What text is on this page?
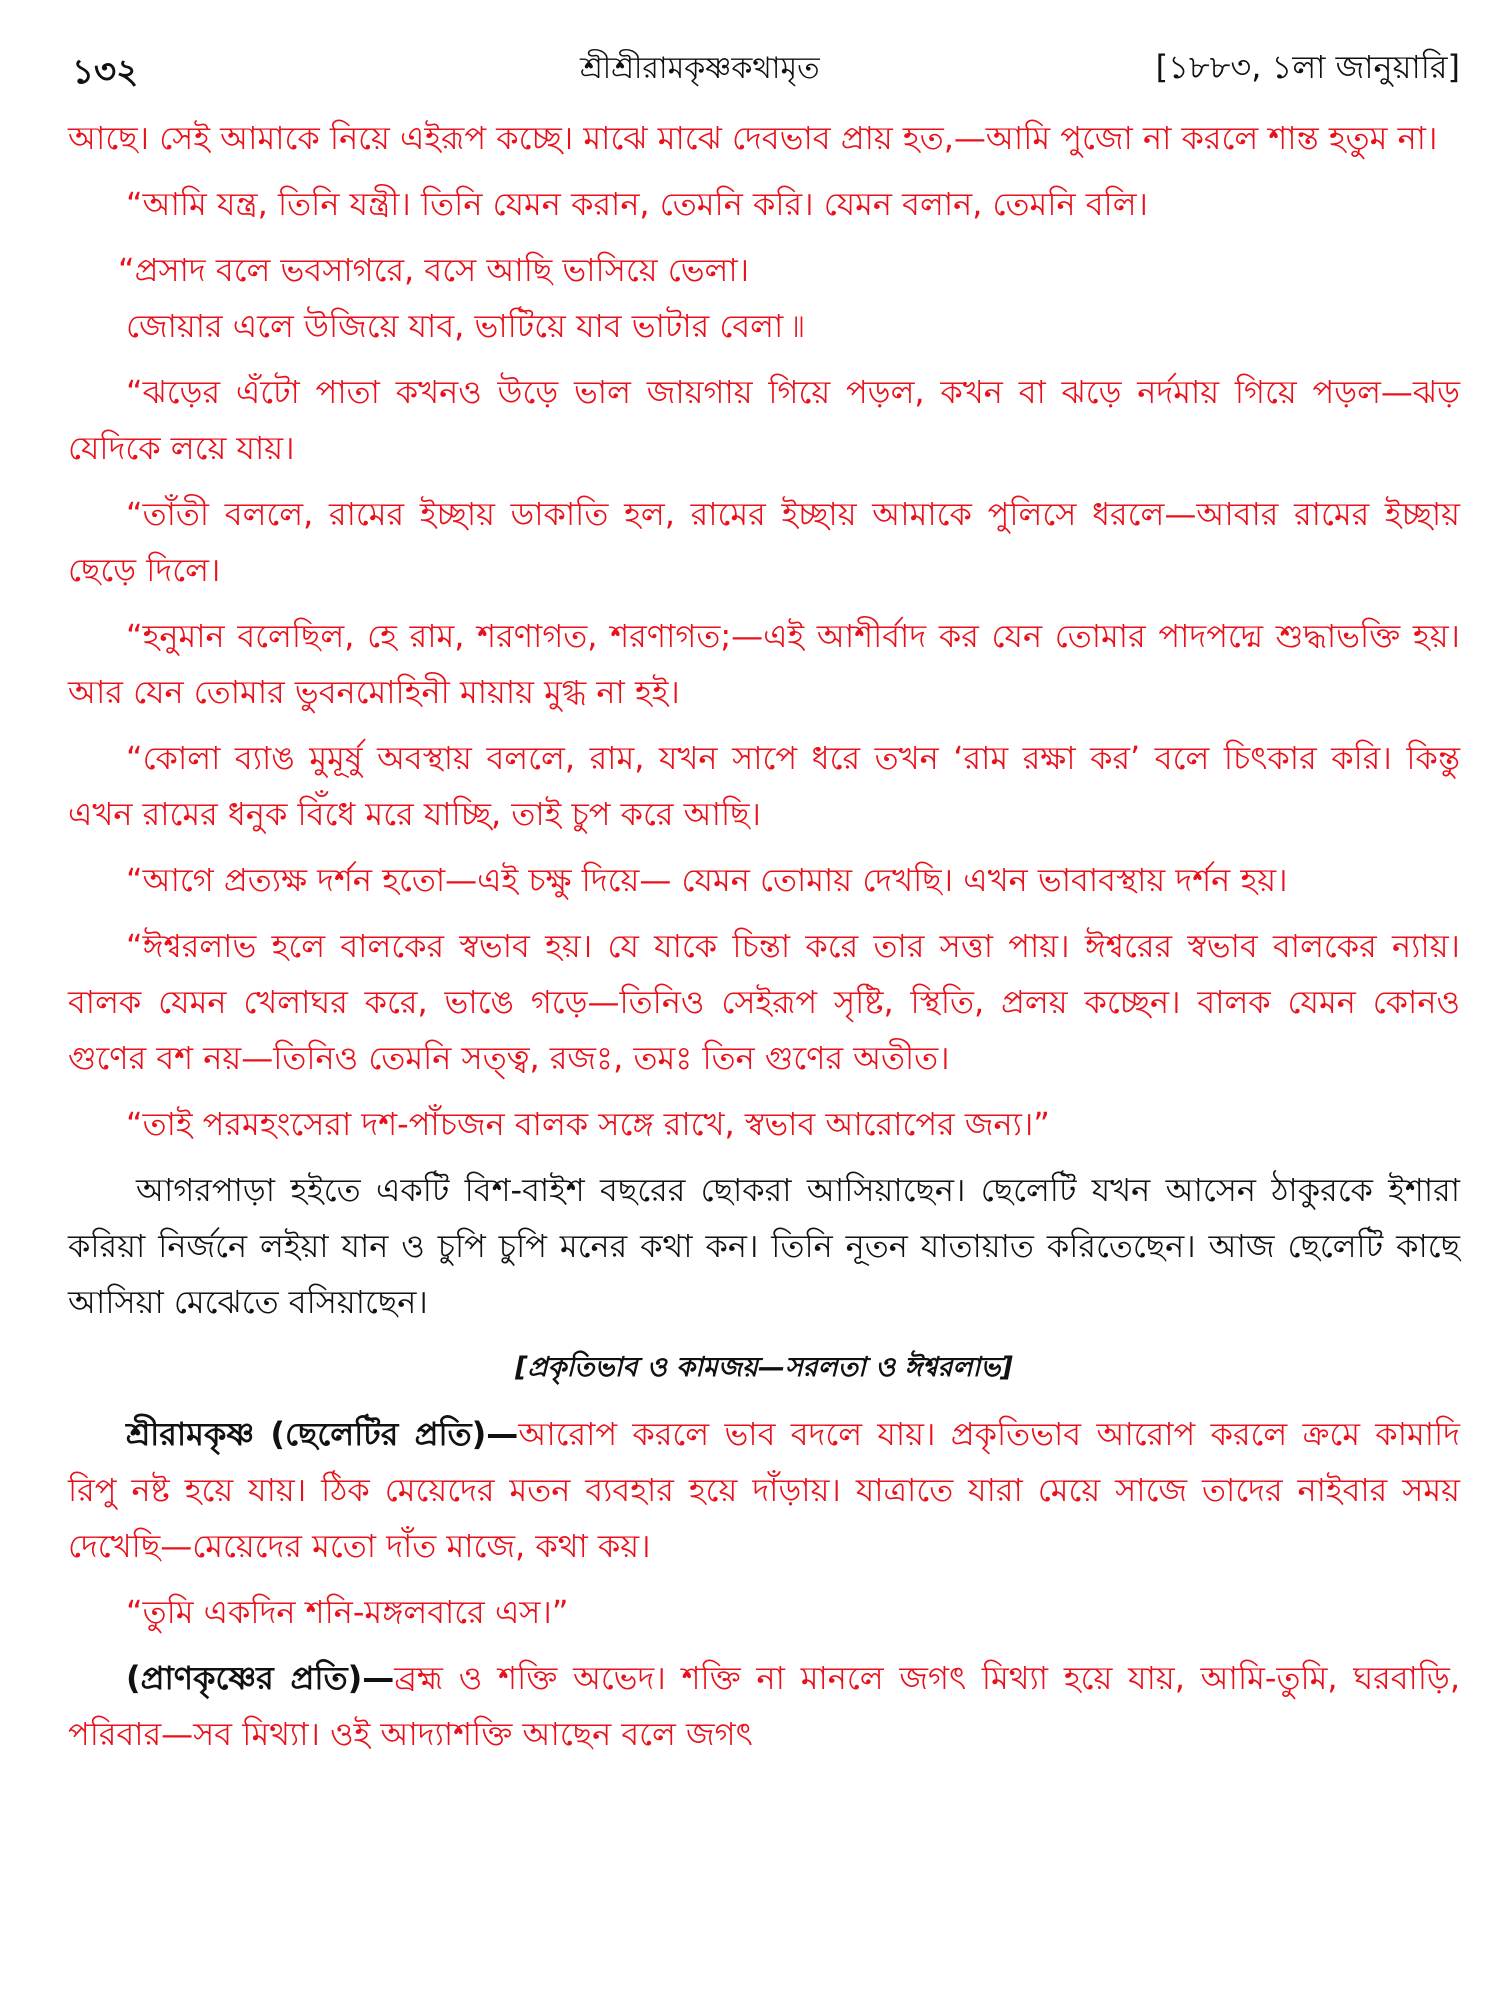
১৩২	শ্রীশ্রীরামকৃষ্ণকথামৃত	[১৮৮৩, ১লা জানুয়ারি]

আছে। সেই আমাকে নিয়ে এইরূপ কচ্ছে। মাঝে মাঝে দেবভাব প্রায় হত,—আমি পুজো না করলে শান্ত হতুম না।

“আমি যন্ত্র, তিনি যন্ত্রী। তিনি যেমন করান, তেমনি করি। যেমন বলান, তেমনি বলি।

“প্রসাদ বলে ভবসাগরে, বসে আছি ভাসিয়ে ভেলা।

জোয়ার এলে উজিয়ে যাব, ভাটিয়ে যাব ভাটার বেলা ৷৷

“ঝড়ের এঁটো পাতা কখনও উড়ে ভাল জায়গায় গিয়ে পড়ল, কখন বা ঝড়ে নর্দমায় গিয়ে পড়ল—ঝড় যেদিকে লয়ে যায়।

“তাঁতী বললে, রামের ইচ্ছায় ডাকাতি হল, রামের ইচ্ছায় আমাকে পুলিসে ধরলে—আবার রামের ইচ্ছায় ছেড়ে দিলে।

“হনুমান বলেছিল, হে রাম, শরণাগত, শরণাগত;—এই আশীর্বাদ কর যেন তোমার পাদপদ্মে শুদ্ধাভক্তি হয়। আর যেন তোমার ভুবনমোহিনী মায়ায় মুগ্ধ না হই।

“কোলা ব্যাঙ মুমূর্ষু অবস্থায় বললে, রাম, যখন সাপে ধরে তখন ‘রাম রক্ষা কর’ বলে চিৎকার করি। কিন্তু এখন রামের ধনুক বিঁধে মরে যাচ্ছি, তাই চুপ করে আছি।

“আগে প্রত্যক্ষ দর্শন হতো—এই চক্ষু দিয়ে— যেমন তোমায় দেখছি। এখন ভাবাবস্থায় দর্শন হয়।

“ঈশ্বরলাভ হলে বালকের স্বভাব হয়। যে যাকে চিন্তা করে তার সত্তা পায়। ঈশ্বরের স্বভাব বালকের ন্যায়। বালক যেমন খেলাঘর করে, ভাঙে গড়ে—তিনিও সেইরূপ সৃষ্টি, স্থিতি, প্রলয় কচ্ছেন। বালক যেমন কোনও গুণের বশ নয়—তিনিও তেমনি সত্ত্ব, রজঃ, তমঃ তিন গুণের অতীত।

“তাই পরমহংসেরা দশ-পাঁচজন বালক সঙ্গে রাখে, স্বভাব আরোপের জন্য।”

আগরপাড়া হইতে একটি বিশ-বাইশ বছরের ছোকরা আসিয়াছেন। ছেলেটি যখন আসেন ঠাকুরকে ইশারা করিয়া নির্জনে লইয়া যান ও চুপি চুপি মনের কথা কন। তিনি নূতন যাতায়াত করিতেছেন। আজ ছেলেটি কাছে আসিয়া মেঝেতে বসিয়াছেন।

[প্রকৃতিভাব ও কামজয়—সরলতা ও ঈশ্বরলাভ]

শ্রীরামকৃষ্ণ (ছেলেটির প্রতি)—আরোপ করলে ভাব বদলে যায়। প্রকৃতিভাব আরোপ করলে ক্রমে কামাদি রিপু নষ্ট হয়ে যায়। ঠিক মেয়েদের মতন ব্যবহার হয়ে দাঁড়ায়। যাত্রাতে যারা মেয়ে সাজে তাদের নাইবার সময় দেখেছি—মেয়েদের মতো দাঁত মাজে, কথা কয়।

“তুমি একদিন শনি-মঙ্গলবারে এস।”

(প্রাণকৃষ্ণের প্রতি)—ব্রহ্ম ও শক্তি অভেদ। শক্তি না মানলে জগৎ মিথ্যা হয়ে যায়, আমি-তুমি, ঘরবাড়ি, পরিবার—সব মিথ্যা। ওই আদ্যাশক্তি আছেন বলে জগৎ
